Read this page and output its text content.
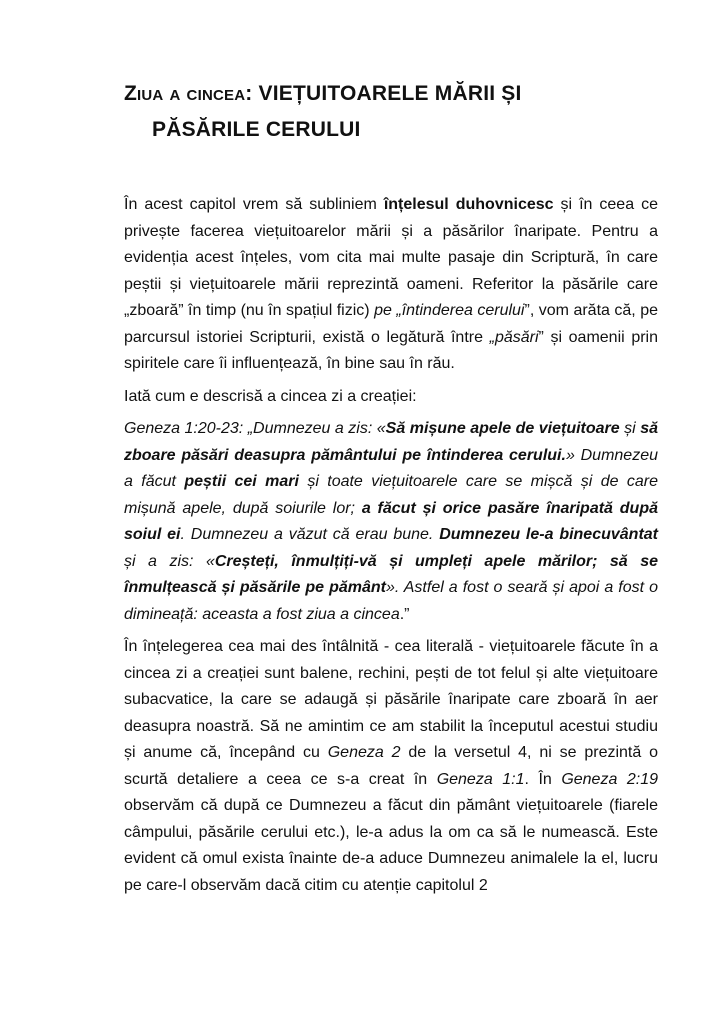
Ziua a cincea: VIEȚUITOARELE MĂRII ȘI
PĂSĂRILE CERULUI

În acest capitol vrem să subliniem înțelesul duhovnicesc și în ceea ce privește facerea viețuitoarelor mării și a păsărilor înaripate. Pentru a evidenția acest înțeles, vom cita mai multe pasaje din Scriptură, în care peștii și viețuitoarele mării reprezintă oameni. Referitor la păsările care „zboară” în timp (nu în spațiul fizic) pe „întinderea cerului”, vom arăta că, pe parcursul istoriei Scripturii, există o legătură între „păsări” și oamenii prin spiritele care îi influențează, în bine sau în rău.

Iată cum e descrisă a cincea zi a creației:

Geneza 1:20-23: „Dumnezeu a zis: «Să mișune apele de viețuitoare și să zboare păsări deasupra pământului pe întinderea cerului.» Dumnezeu a făcut peștii cei mari și toate viețuitoarele care se mișcă și de care mișună apele, după soiurile lor; a făcut și orice pasăre înaripată după soiul ei. Dumnezeu a văzut că erau bune. Dumnezeu le-a binecuvântat și a zis: «Creșteți, înmulțiți-vă și umpleți apele mărilor; să se înmulțească și păsările pe pământ». Astfel a fost o seară și apoi a fost o dimineață: aceasta a fost ziua a cincea.”

În înțelegerea cea mai des întâlnită - cea literală - viețuitoarele făcute în a cincea zi a creației sunt balene, rechini, pești de tot felul și alte viețuitoare subacvatice, la care se adaugă și păsările înaripate care zboară în aer deasupra noastră. Să ne amintim ce am stabilit la începutul acestui studiu și anume că, începând cu Geneza 2 de la versetul 4, ni se prezintă o scurtă detaliere a ceea ce s-a creat în Geneza 1:1. În Geneza 2:19 observăm că după ce Dumnezeu a făcut din pământ viețuitoarele (fiarele câmpului, păsările cerului etc.), le-a adus la om ca să le numească. Este evident că omul exista înainte de-a aduce Dumnezeu animalele la el, lucru pe care-l observăm dacă citim cu atenție capitolul 2
